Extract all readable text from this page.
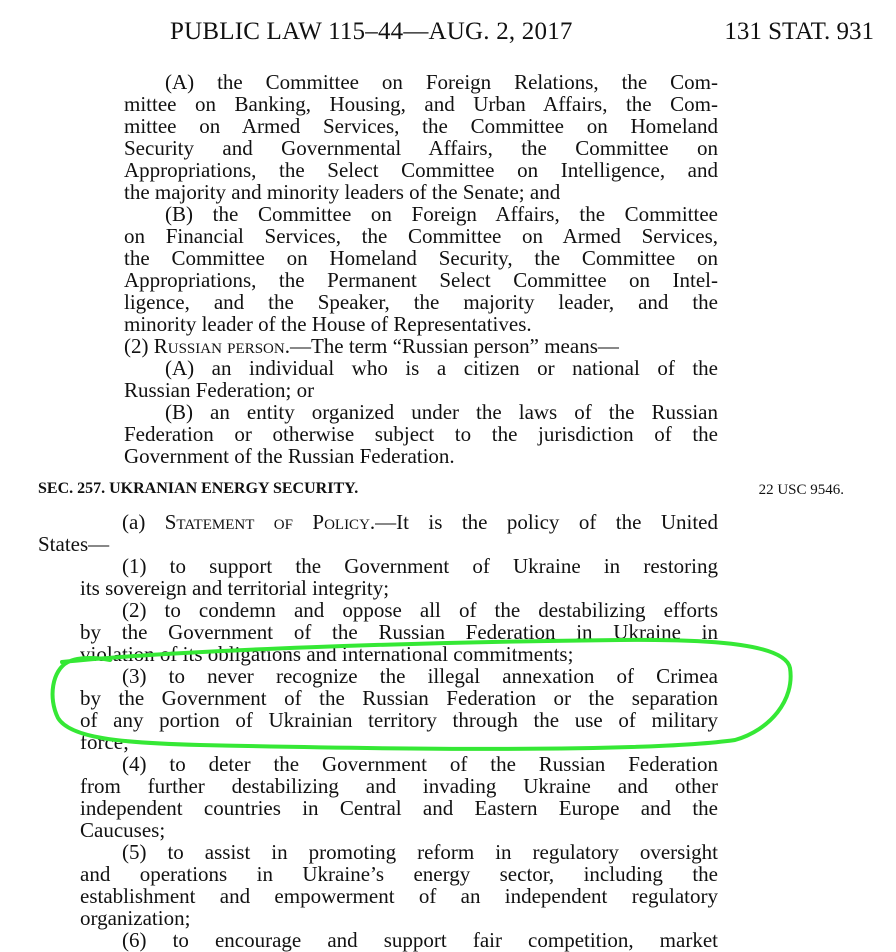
PUBLIC LAW 115–44—AUG. 2, 2017	131 STAT. 931
(A) the Committee on Foreign Relations, the Com-
mittee on Banking, Housing, and Urban Affairs, the Com-
mittee on Armed Services, the Committee on Homeland
Security and Governmental Affairs, the Committee on
Appropriations, the Select Committee on Intelligence, and
the majority and minority leaders of the Senate; and
(B) the Committee on Foreign Affairs, the Committee
on Financial Services, the Committee on Armed Services,
the Committee on Homeland Security, the Committee on
Appropriations, the Permanent Select Committee on Intel-
ligence, and the Speaker, the majority leader, and the
minority leader of the House of Representatives.
(2) Russian person.—The term “Russian person” means—
(A) an individual who is a citizen or national of the
Russian Federation; or
(B) an entity organized under the laws of the Russian
Federation or otherwise subject to the jurisdiction of the
Government of the Russian Federation.
SEC. 257. UKRANIAN ENERGY SECURITY.	22 USC 9546.
(a) Statement of Policy.—It is the policy of the United
States—
(1) to support the Government of Ukraine in restoring
its sovereign and territorial integrity;
(2) to condemn and oppose all of the destabilizing efforts
by the Government of the Russian Federation in Ukraine in
violation of its obligations and international commitments;
(3) to never recognize the illegal annexation of Crimea
by the Government of the Russian Federation or the separation
of any portion of Ukrainian territory through the use of military
force;
(4) to deter the Government of the Russian Federation
from further destabilizing and invading Ukraine and other
independent countries in Central and Eastern Europe and the
Caucuses;
(5) to assist in promoting reform in regulatory oversight
and operations in Ukraine’s energy sector, including the
establishment and empowerment of an independent regulatory
organization;
(6) to encourage and support fair competition, market
